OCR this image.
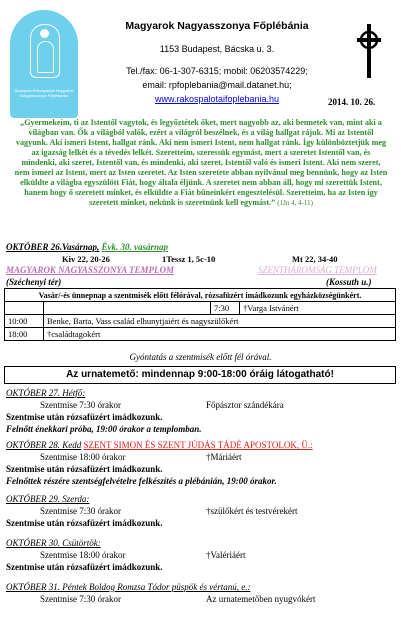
Budapest-Rákospalota Magyarok Nagyasszonya Főplébánia
Magyarok Nagyasszonya Főplébánia
1153 Budapest, Bácska u. 3.
Tel./fax: 06-1-307-6315; mobil: 06203574229;
email: rpfoplebania@mail.datanet.hu;
www.rakospalotaifoplebania.hu	2014. 10. 26.
„Gyermekeim, ti az Istentől vagytok, és legyőztétek őket, mert nagyobb az, aki bennetek van, mint aki a világban van. Ők a világból valók, ezért a világról beszélnek, és a világ hallgat rájuk. Mi az Istentől vagyunk. Aki ismeri Istent, hallgat ránk. Aki nem ismeri Istent, nem hallgat ránk. Így különböztetjük meg az igazság lelkét és a tévedés lelkét. Szeretteim, szeressük egymást, mert a szeretet Istentől van, és mindenki, aki szeret, Istentől van, és mindenki, aki szeret, Istentől való és ismeri Istent. Aki nem szeret, nem ismeri az Istent, mert az Isten szeretet. Az Isten szeretete abban nyilvánul meg bennünk, hogy az Isten elküldte a világba egyszülött Fiát, hogy általa éljünk. A szeretet nem abban áll, hogy mi szerettük Istent, hanem hogy ő szeretett minket, és elküldte a Fiát bűneinkért engesztelésül. Szeretteim, ha az Isten így szeretett minket, nekünk is szeretnünk kell egymást.” (1Jn 4, 4-11)
OKTÓBER 26.Vasárnap, Évk. 30. vasárnap
Kiv 22, 20-26	1Tessz 1, 5c-10	Mt 22, 34-40
MAGYAROK NAGYASSZONYA TEMPLOM	SZENTHÁROMSÁG TEMPLOM
(Széchenyi tér)	(Kossuth u.)
Vasár/-és ünnepnap a szentmisék előtt félórával, rózsafüzért imádkozunk egyházközségünkért.			
		7:30	†Varga Istvánért
10:00	Benke, Barta, Vass család elhunytjaiért és nagyszülőkért		
18:00	†családtagokért		
Gyóntatás a szentmisék előtt fél órával.
Az urnatemető: mindennap 9:00-18:00 óráig látogatható!
OKTÓBER 27. Hétfő:
Szentmise 7:30 órakor	Főpásztor szándékára
Szentmise után rózsafüzért imádkozunk.
Felnőtt énekkari próba, 19:00 órakor a templomban.
OKTÓBER 28. Kedd SZENT SIMON ÉS SZENT JÚDÁS TÁDÉ APOSTOLOK, Ü.:
Szentmise 18:00 órakor	†Máriáért
Szentmise után rózsafüzért imádkozunk.
Felnőttek részére szentségfelvételre felkészítés a plébánián, 19:00 órakor.
OKTÓBER 29. Szerda:
Szentmise 7:30 órakor	†szülőkért és testvérekért
Szentmise után rózsafüzért imádkozunk.
OKTÓBER 30. Csütörtök:
Szentmise 18:00 órakor	†Valériáért
Szentmise után rózsafüzért imádkozunk.
OKTÓBER 31. Péntek Boldog Romzsa Tódor püspök és vértanú, e.:
Szentmise 7:30 órakor	Az urnatemetőben nyugvókért
